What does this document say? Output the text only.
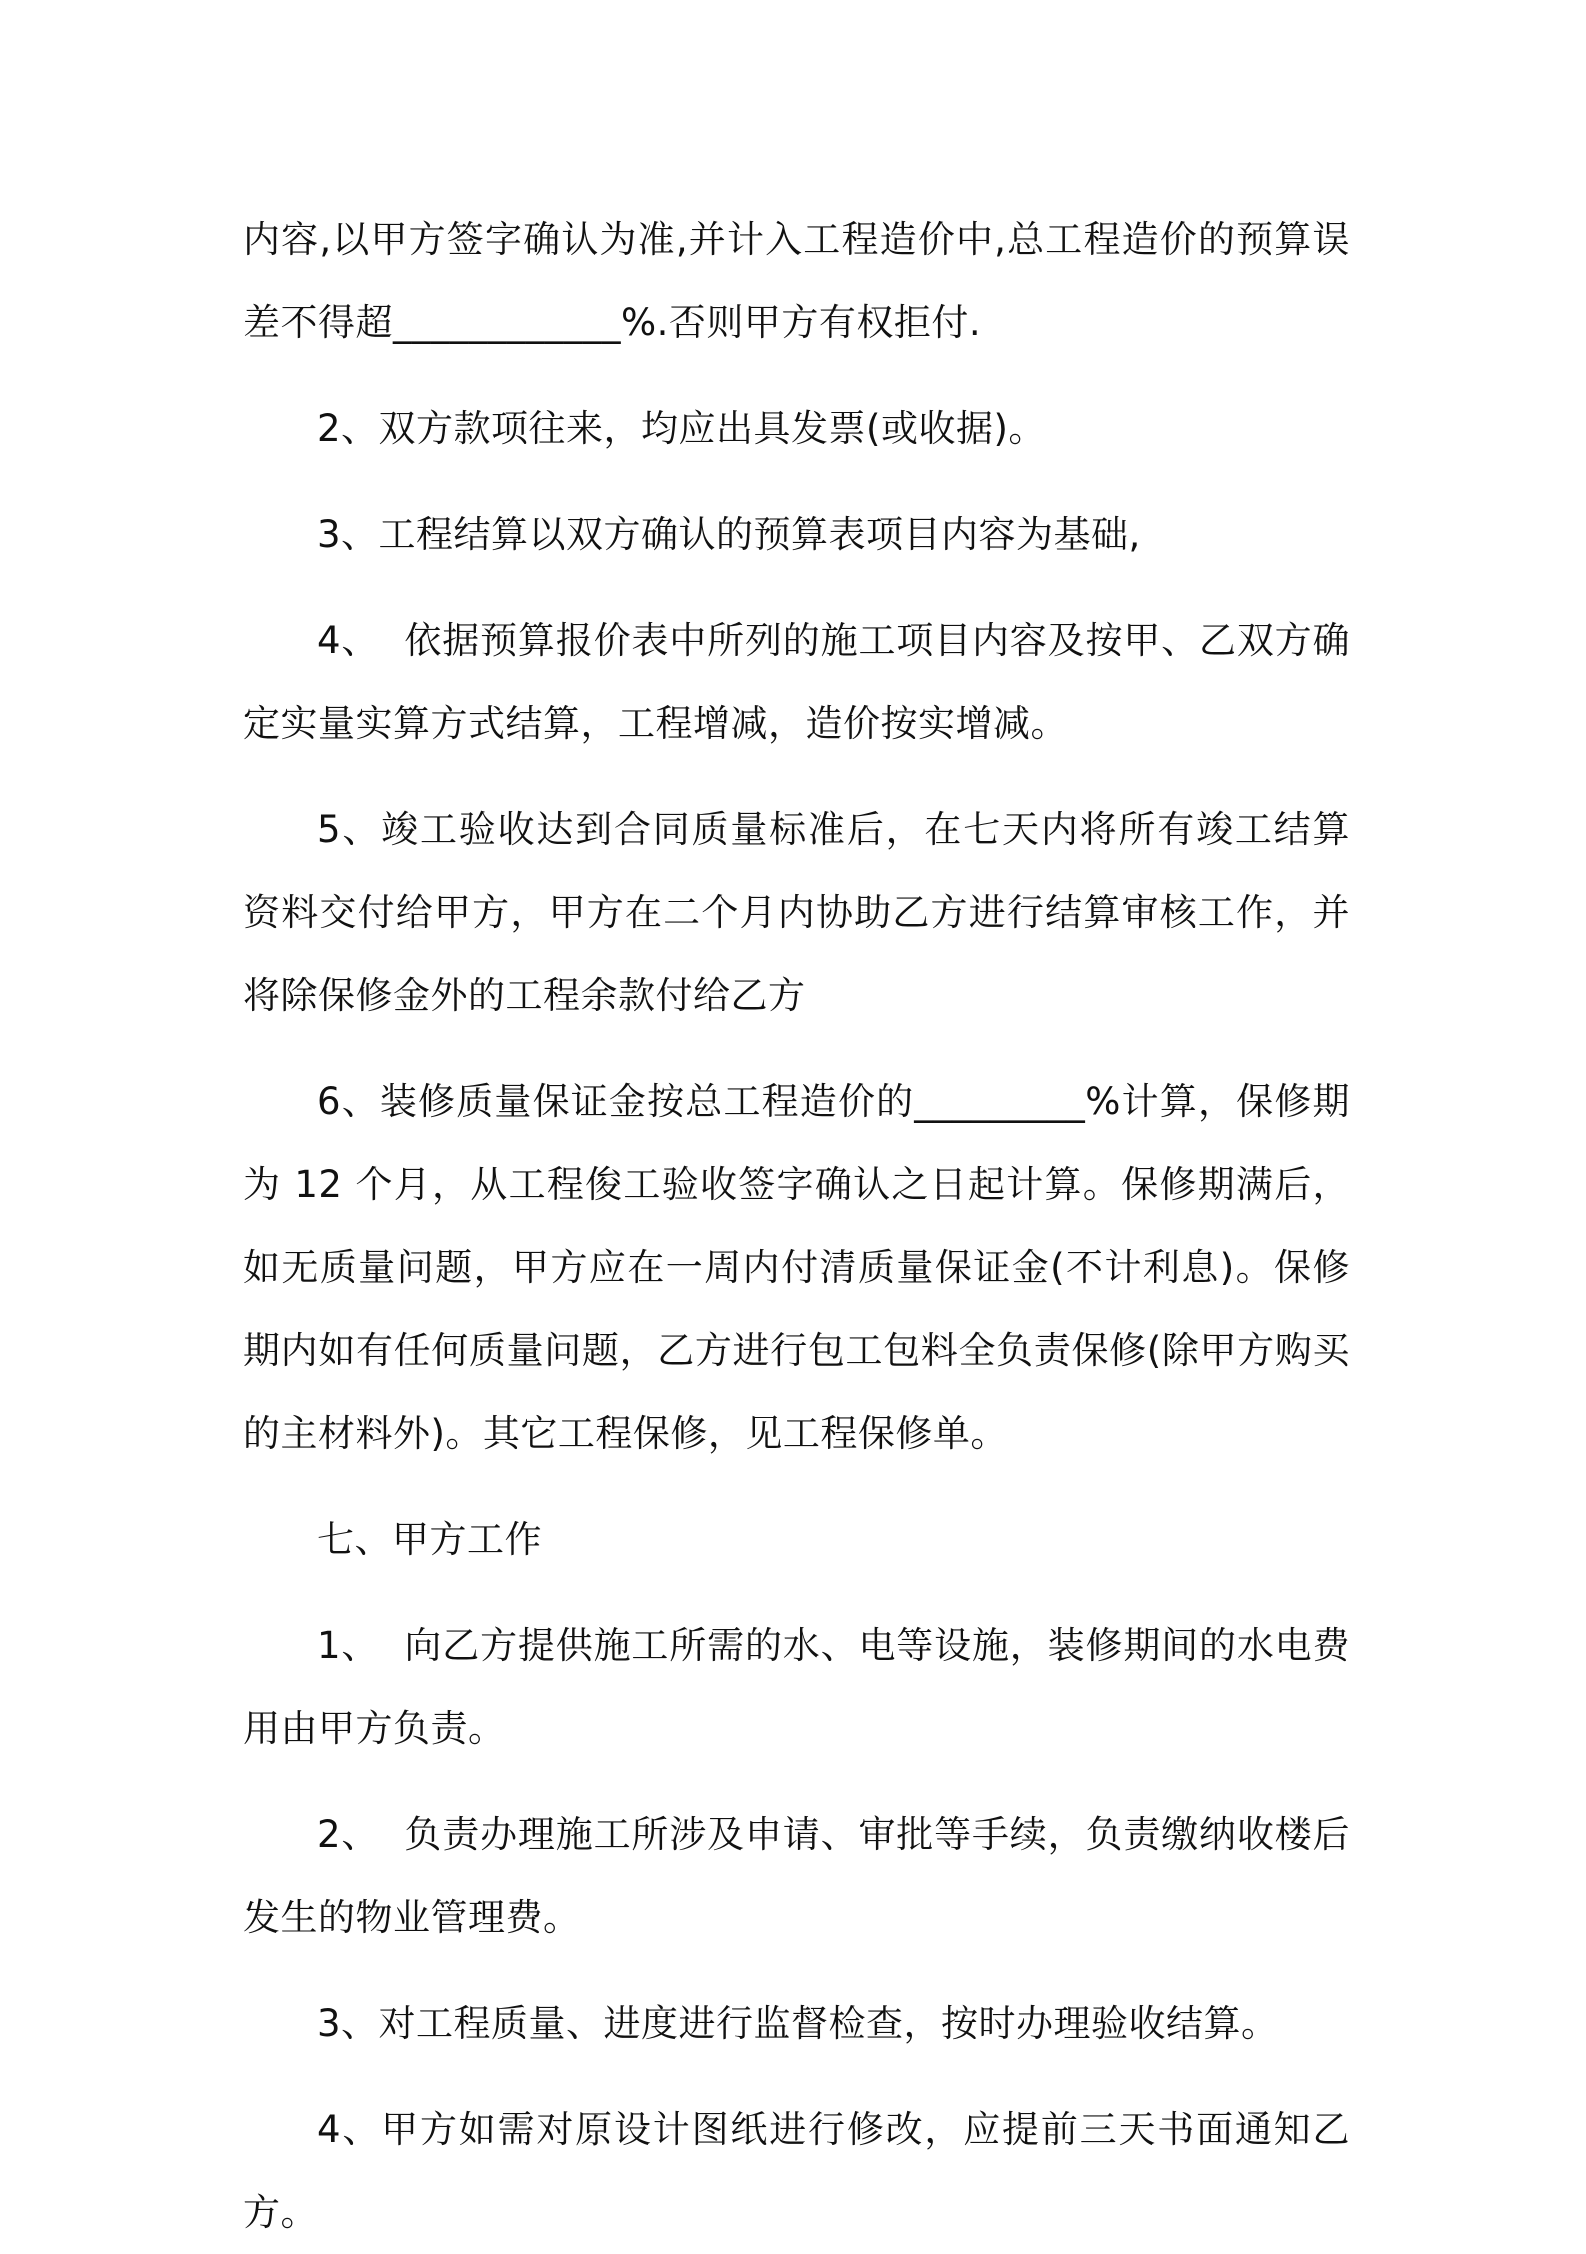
内容,以甲方签字确认为准,并计入工程造价中,总工程造价的预算误差不得超____________%.否则甲方有权拒付.

2、双方款项往来，均应出具发票(或收据)。

3、工程结算以双方确认的预算表项目内容为基础,

4、  依据预算报价表中所列的施工项目内容及按甲、乙双方确定实量实算方式结算，工程增减，造价按实增减。

5、竣工验收达到合同质量标准后，在七天内将所有竣工结算资料交付给甲方，甲方在二个月内协助乙方进行结算审核工作，并将除保修金外的工程余款付给乙方

6、装修质量保证金按总工程造价的_________%计算，保修期为 12 个月，从工程俊工验收签字确认之日起计算。保修期满后，如无质量问题，甲方应在一周内付清质量保证金(不计利息)。保修期内如有任何质量问题，乙方进行包工包料全负责保修(除甲方购买的主材料外)。其它工程保修，见工程保修单。

七、甲方工作

1、  向乙方提供施工所需的水、电等设施，装修期间的水电费用由甲方负责。

2、  负责办理施工所涉及申请、审批等手续，负责缴纳收楼后发生的物业管理费。

3、对工程质量、进度进行监督检查，按时办理验收结算。

4、甲方如需对原设计图纸进行修改，应提前三天书面通知乙方。
